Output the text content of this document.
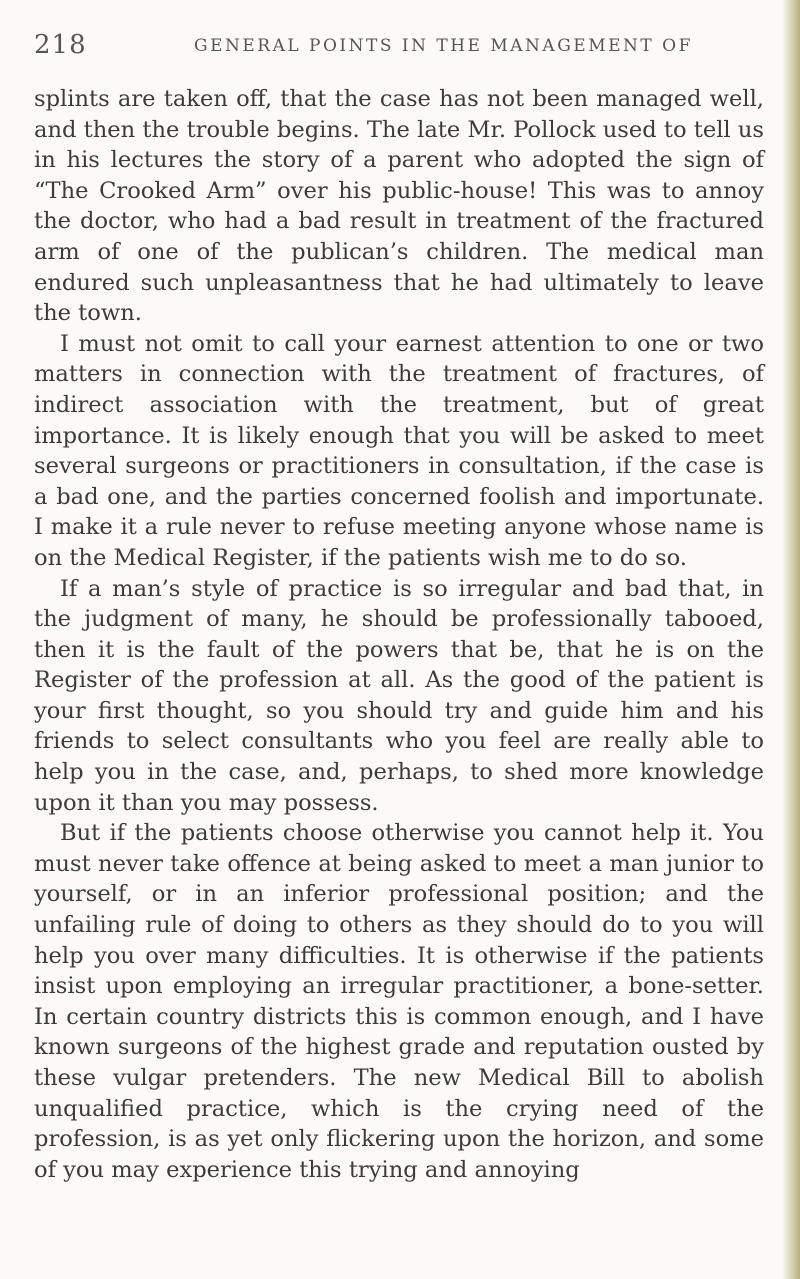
218	GENERAL POINTS IN THE MANAGEMENT OF

splints are taken off, that the case has not been managed well, and then the trouble begins. The late Mr. Pollock used to tell us in his lectures the story of a parent who adopted the sign of “The Crooked Arm” over his public-house! This was to annoy the doctor, who had a bad result in treatment of the fractured arm of one of the publican’s children. The medical man endured such unpleasantness that he had ultimately to leave the town.

I must not omit to call your earnest attention to one or two matters in connection with the treatment of fractures, of indirect association with the treatment, but of great importance. It is likely enough that you will be asked to meet several surgeons or practitioners in consultation, if the case is a bad one, and the parties concerned foolish and importunate. I make it a rule never to refuse meeting anyone whose name is on the Medical Register, if the patients wish me to do so.

If a man’s style of practice is so irregular and bad that, in the judgment of many, he should be professionally tabooed, then it is the fault of the powers that be, that he is on the Register of the profession at all. As the good of the patient is your first thought, so you should try and guide him and his friends to select consultants who you feel are really able to help you in the case, and, perhaps, to shed more knowledge upon it than you may possess.

But if the patients choose otherwise you cannot help it. You must never take offence at being asked to meet a man junior to yourself, or in an inferior professional position; and the unfailing rule of doing to others as they should do to you will help you over many difficulties. It is otherwise if the patients insist upon employing an irregular practitioner, a bone-setter. In certain country districts this is common enough, and I have known surgeons of the highest grade and reputation ousted by these vulgar pretenders. The new Medical Bill to abolish unqualified practice, which is the crying need of the profession, is as yet only flickering upon the horizon, and some of you may experience this trying and annoying
